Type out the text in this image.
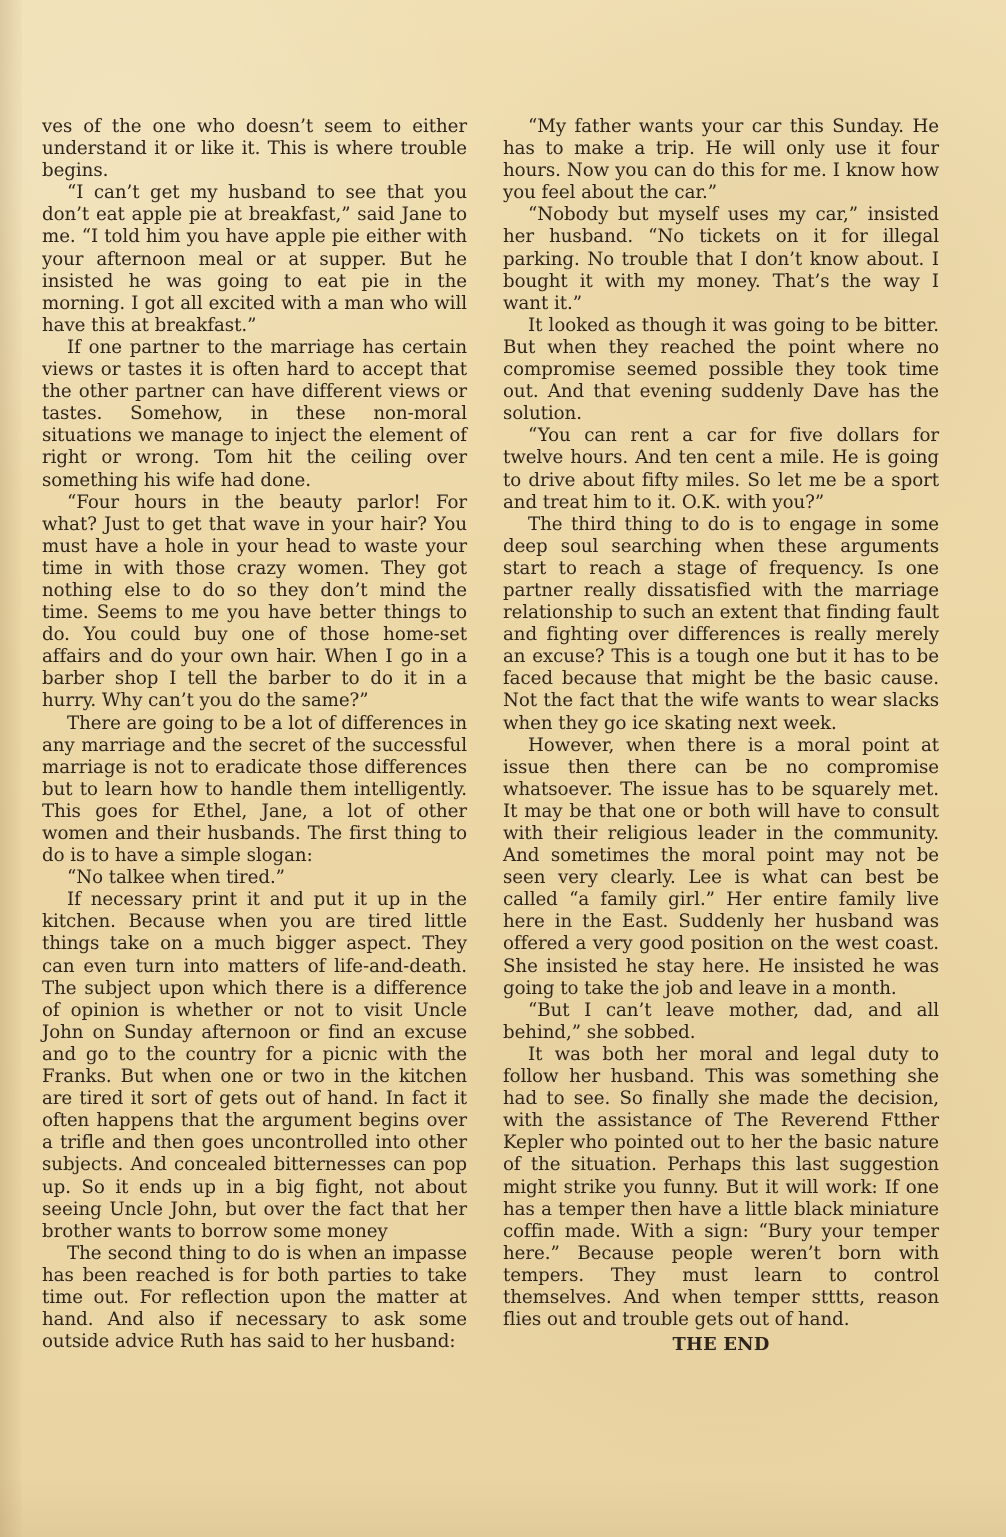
ves of the one who doesn’t seem to either understand it or like it. This is where trouble begins.

“I can’t get my husband to see that you don’t eat apple pie at breakfast,” said Jane to me. “I told him you have apple pie either with your afternoon meal or at supper. But he insisted he was going to eat pie in the morning. I got all excited with a man who will have this at breakfast.”

If one partner to the marriage has certain views or tastes it is often hard to accept that the other partner can have different views or tastes. Somehow, in these non-moral situations we manage to inject the element of right or wrong. Tom hit the ceiling over something his wife had done.

“Four hours in the beauty parlor! For what? Just to get that wave in your hair? You must have a hole in your head to waste your time in with those crazy women. They got nothing else to do so they don’t mind the time. Seems to me you have better things to do. You could buy one of those home-set affairs and do your own hair. When I go in a barber shop I tell the barber to do it in a hurry. Why can’t you do the same?”

There are going to be a lot of differences in any marriage and the secret of the successful marriage is not to eradicate those differences but to learn how to handle them intelligently. This goes for Ethel, Jane, a lot of other women and their husbands. The first thing to do is to have a simple slogan:

“No talkee when tired.”

If necessary print it and put it up in the kitchen. Because when you are tired little things take on a much bigger aspect. They can even turn into matters of life-and-death. The subject upon which there is a difference of opinion is whether or not to visit Uncle John on Sunday afternoon or find an excuse and go to the country for a picnic with the Franks. But when one or two in the kitchen are tired it sort of gets out of hand. In fact it often happens that the argument begins over a trifle and then goes uncontrolled into other subjects. And concealed bitternesses can pop up. So it ends up in a big fight, not about seeing Uncle John, but over the fact that her brother wants to borrow some money

The second thing to do is when an impasse has been reached is for both parties to take time out. For reflection upon the matter at hand. And also if necessary to ask some outside advice Ruth has said to her husband:

“My father wants your car this Sunday. He has to make a trip. He will only use it four hours. Now you can do this for me. I know how you feel about the car.”

“Nobody but myself uses my car,” insisted her husband. “No tickets on it for illegal parking. No trouble that I don’t know about. I bought it with my money. That’s the way I want it.”

It looked as though it was going to be bitter. But when they reached the point where no compromise seemed possible they took time out. And that evening suddenly Dave has the solution.

“You can rent a car for five dollars for twelve hours. And ten cent a mile. He is going to drive about fifty miles. So let me be a sport and treat him to it. O.K. with you?”

The third thing to do is to engage in some deep soul searching when these arguments start to reach a stage of frequency. Is one partner really dissatisfied with the marriage relationship to such an extent that finding fault and fighting over differences is really merely an excuse? This is a tough one but it has to be faced because that might be the basic cause. Not the fact that the wife wants to wear slacks when they go ice skating next week.

However, when there is a moral point at issue then there can be no compromise whatsoever. The issue has to be squarely met. It may be that one or both will have to consult with their religious leader in the community. And sometimes the moral point may not be seen very clearly. Lee is what can best be called “a family girl.” Her entire family live here in the East. Suddenly her husband was offered a very good position on the west coast. She insisted he stay here. He insisted he was going to take the job and leave in a month.

“But I can’t leave mother, dad, and all behind,” she sobbed.

It was both her moral and legal duty to follow her husband. This was something she had to see. So finally she made the decision, with the assistance of The Reverend Ftther Kepler who pointed out to her the basic nature of the situation. Perhaps this last suggestion might strike you funny. But it will work: If one has a temper then have a little black miniature coffin made. With a sign: “Bury your temper here.” Because people weren’t born with tempers. They must learn to control themselves. And when temper stttts, reason flies out and trouble gets out of hand.

THE END
